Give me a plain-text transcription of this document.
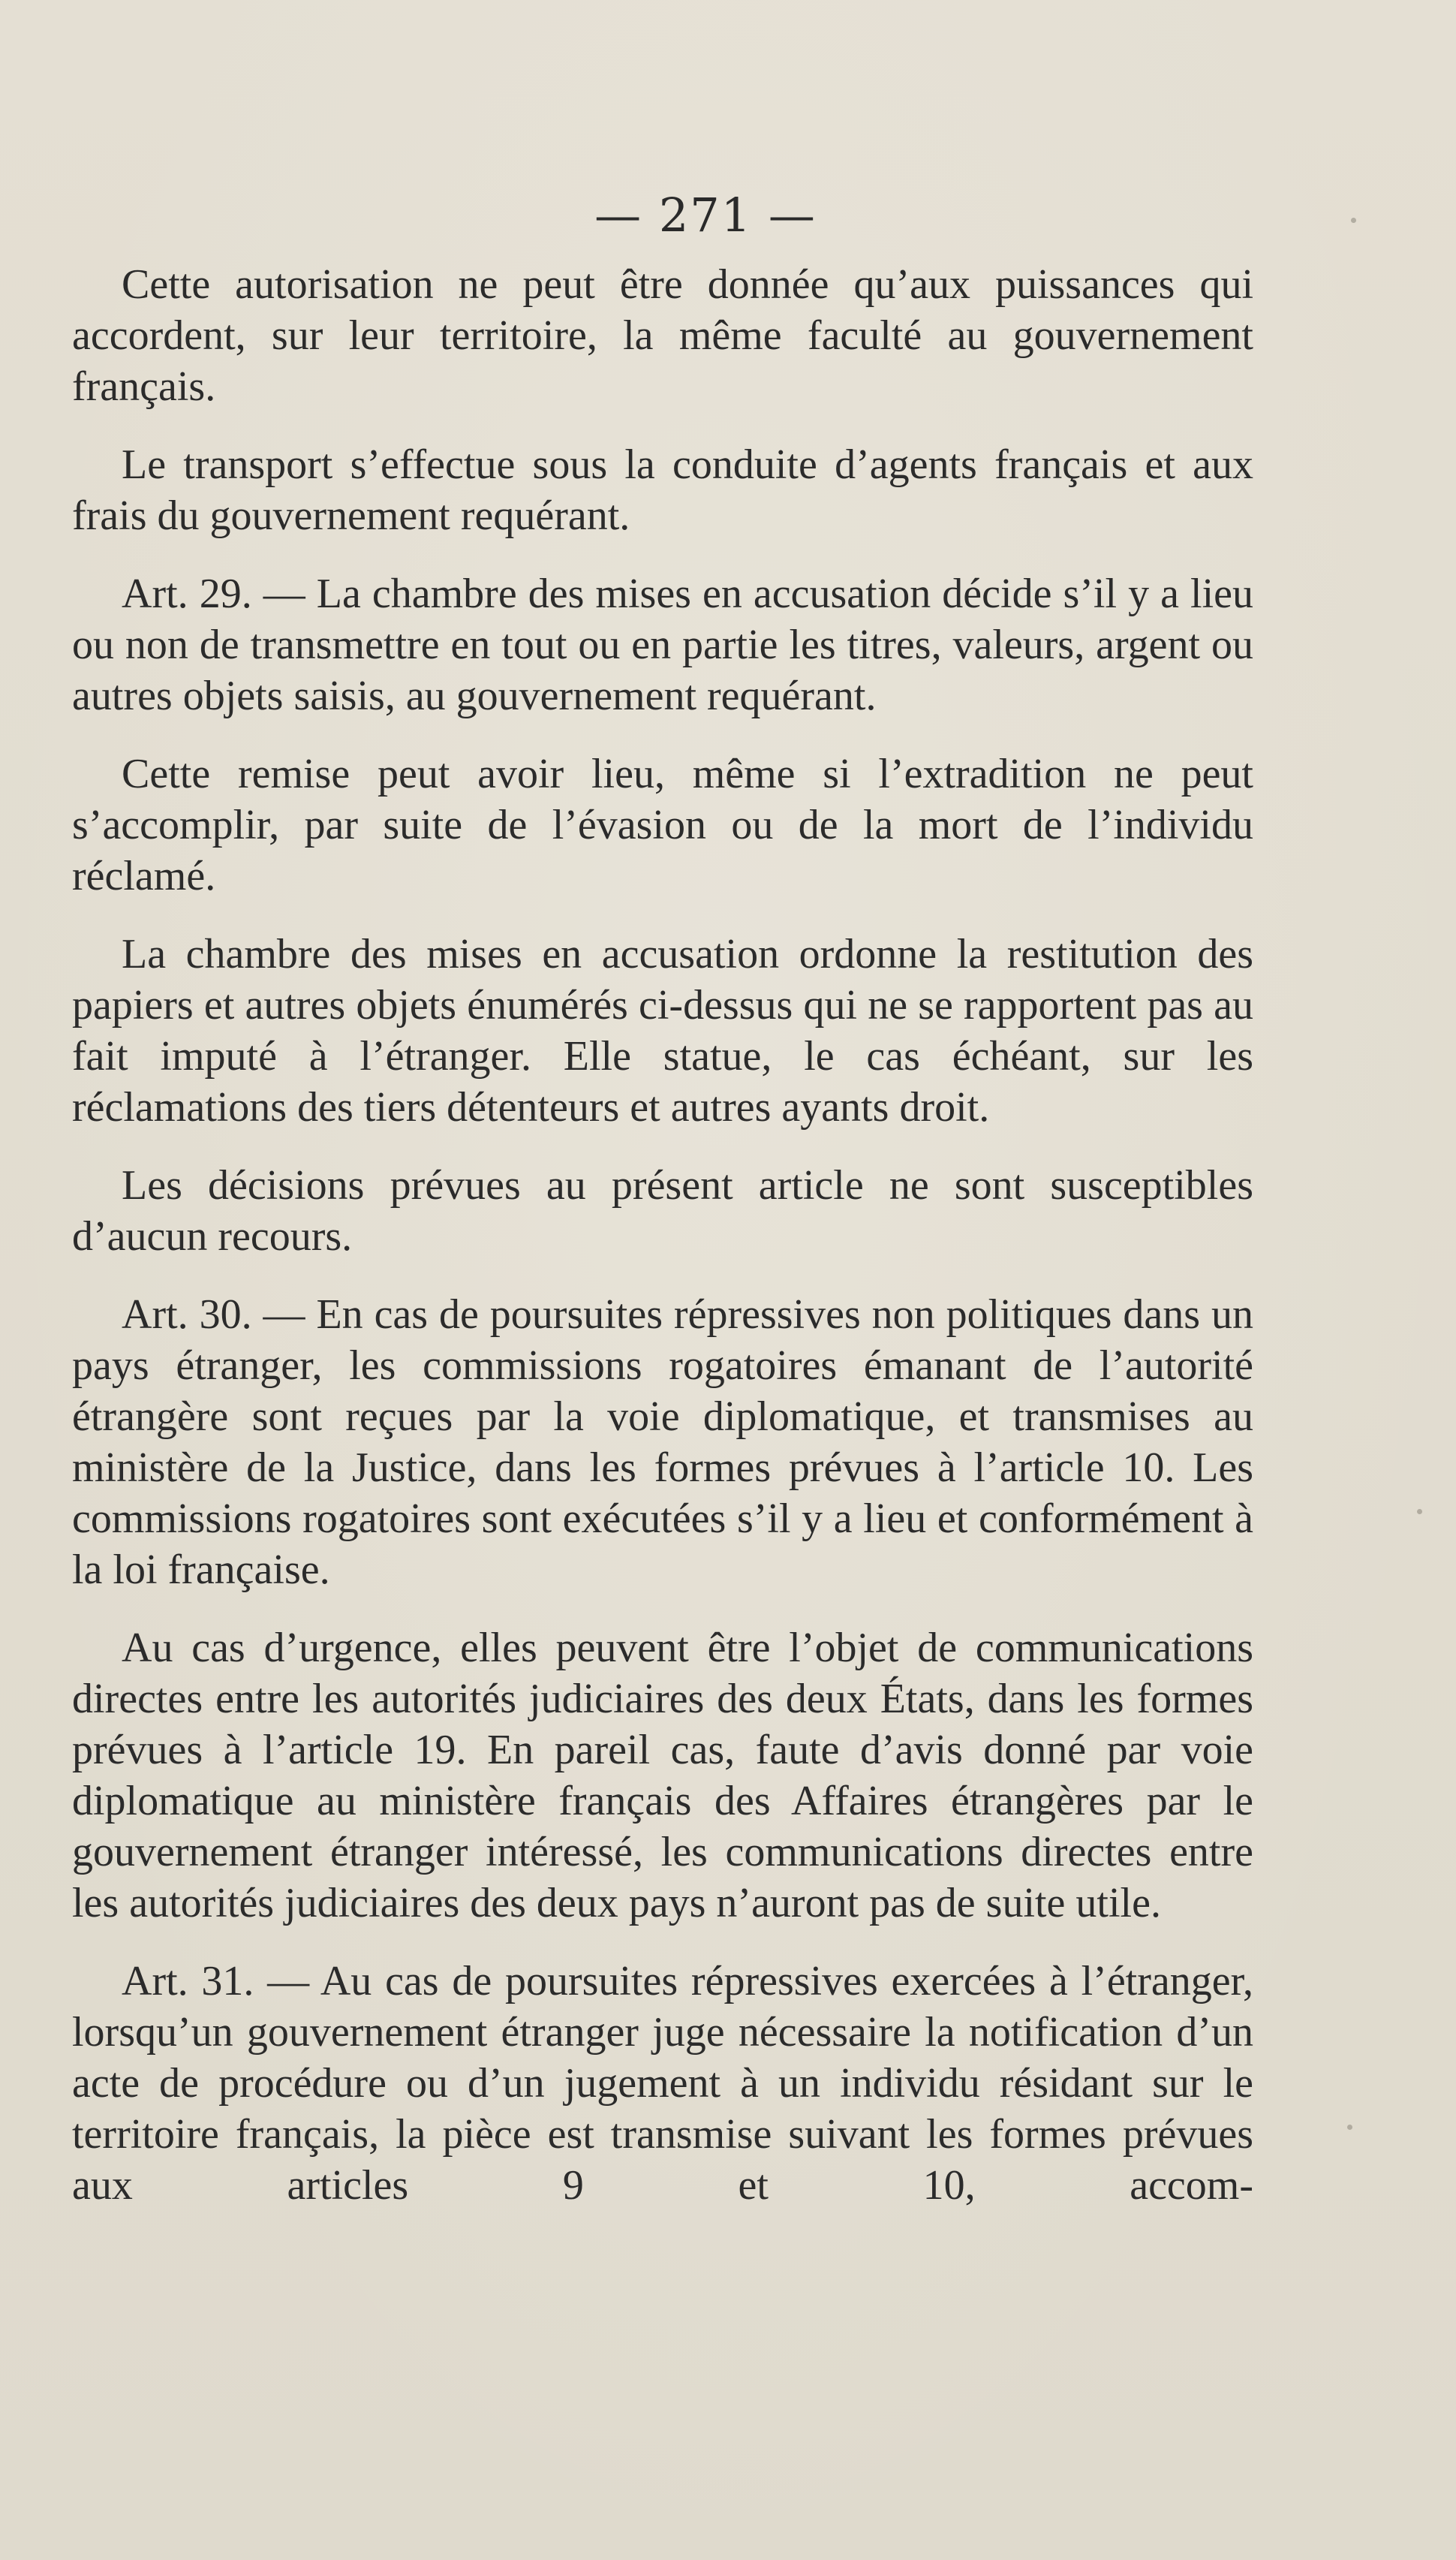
— 271 —

Cette autorisation ne peut être donnée qu’aux puissances qui accordent, sur leur territoire, la même faculté au gouvernement français.

Le transport s’effectue sous la conduite d’agents français et aux frais du gouvernement requérant.

Art. 29. — La chambre des mises en accusation décide s’il y a lieu ou non de transmettre en tout ou en partie les titres, valeurs, argent ou autres objets saisis, au gouvernement requérant.

Cette remise peut avoir lieu, même si l’extradition ne peut s’accomplir, par suite de l’évasion ou de la mort de l’individu réclamé.

La chambre des mises en accusation ordonne la restitution des papiers et autres objets énumérés ci-dessus qui ne se rapportent pas au fait imputé à l’étranger. Elle statue, le cas échéant, sur les réclamations des tiers détenteurs et autres ayants droit.

Les décisions prévues au présent article ne sont susceptibles d’aucun recours.

Art. 30. — En cas de poursuites répressives non politiques dans un pays étranger, les commissions rogatoires émanant de l’autorité étrangère sont reçues par la voie diplomatique, et transmises au ministère de la Justice, dans les formes prévues à l’article 10. Les commissions rogatoires sont exécutées s’il y a lieu et conformément à la loi française.

Au cas d’urgence, elles peuvent être l’objet de communications directes entre les autorités judiciaires des deux États, dans les formes prévues à l’article 19. En pareil cas, faute d’avis donné par voie diplomatique au ministère français des Affaires étrangères par le gouvernement étranger intéressé, les communications directes entre les autorités judiciaires des deux pays n’auront pas de suite utile.

Art. 31. — Au cas de poursuites répressives exercées à l’étranger, lorsqu’un gouvernement étranger juge nécessaire la notification d’un acte de procédure ou d’un jugement à un individu résidant sur le territoire français, la pièce est transmise suivant les formes prévues aux articles 9 et 10, accom-
